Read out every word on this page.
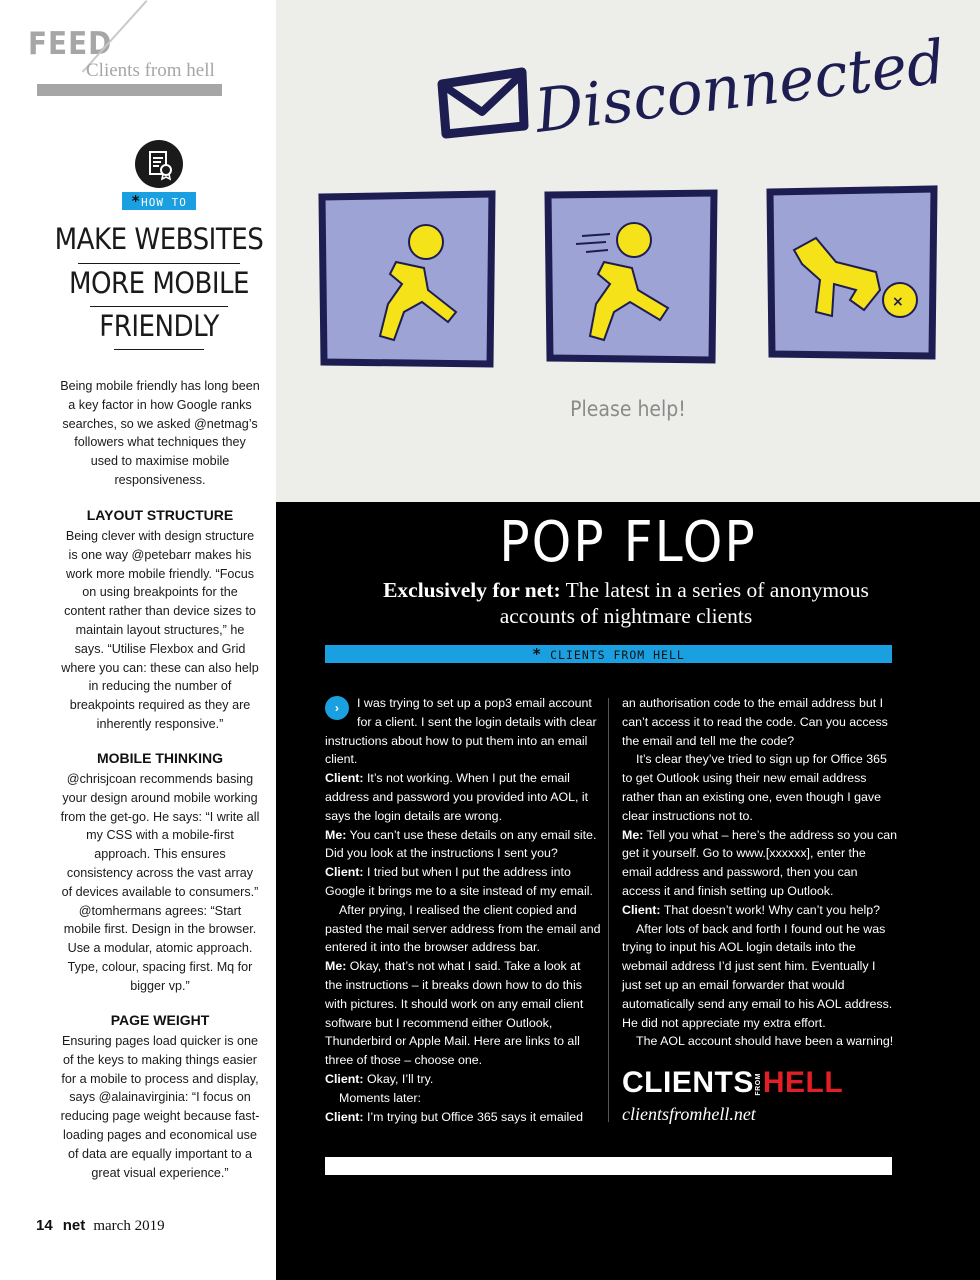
FEED
Clients from hell
*HOW TO
MAKE WEBSITES
MORE MOBILE
FRIENDLY
Being mobile friendly has long been a key factor in how Google ranks searches, so we asked @netmag’s followers what techniques they used to maximise mobile responsiveness.
LAYOUT STRUCTURE
Being clever with design structure is one way @petebarr makes his work more mobile friendly. “Focus on using breakpoints for the content rather than device sizes to maintain layout structures,” he says. “Utilise Flexbox and Grid where you can: these can also help in reducing the number of breakpoints required as they are inherently responsive.”
MOBILE THINKING
@chrisjcoan recommends basing your design around mobile working from the get-go. He says: “I write all my CSS with a mobile-first approach. This ensures consistency across the vast array of devices available to consumers.” @tomhermans agrees: “Start mobile first. Design in the browser. Use a modular, atomic approach. Type, colour, spacing first. Mq for bigger vp.”
PAGE WEIGHT
Ensuring pages load quicker is one of the keys to making things easier for a mobile to process and display, says @alainavirginia: “I focus on reducing page weight because fast-loading pages and economical use of data are equally important to a great visual experience.”
14 net march 2019
Disconnected
×
Please help!
POP FLOP
Exclusively for net: The latest in a series of anonymous accounts of nightmare clients
* CLIENTS FROM HELL
›	I was trying to set up a pop3 email account for a client. I sent the login details with clear instructions about how to put them into an email client.

Client: It’s not working. When I put the email address and password you provided into AOL, it says the login details are wrong.

Me: You can’t use these details on any email site. Did you look at the instructions I sent you?

Client: I tried but when I put the address into Google it brings me to a site instead of my email.

After prying, I realised the client copied and pasted the mail server address from the email and entered it into the browser address bar.

Me: Okay, that’s not what I said. Take a look at the instructions – it breaks down how to do this with pictures. It should work on any email client software but I recommend either Outlook, Thunderbird or Apple Mail. Here are links to all three of those – choose one.

Client: Okay, I’ll try.

Moments later:

Client: I’m trying but Office 365 says it emailed

an authorisation code to the email address but I can’t access it to read the code. Can you access the email and tell me the code?

It’s clear they’ve tried to sign up for Office 365 to get Outlook using their new email address rather than an existing one, even though I gave clear instructions not to.

Me: Tell you what – here’s the address so you can get it yourself. Go to www.[xxxxxx], enter the email address and password, then you can access it and finish setting up Outlook.

Client: That doesn’t work! Why can’t you help?

After lots of back and forth I found out he was trying to input his AOL login details into the webmail address I’d just sent him. Eventually I just set up an email forwarder that would automatically send any email to his AOL address. He did not appreciate my extra effort.

The AOL account should have been a warning!

CLIENTSFROMHELL
clientsfromhell.net
